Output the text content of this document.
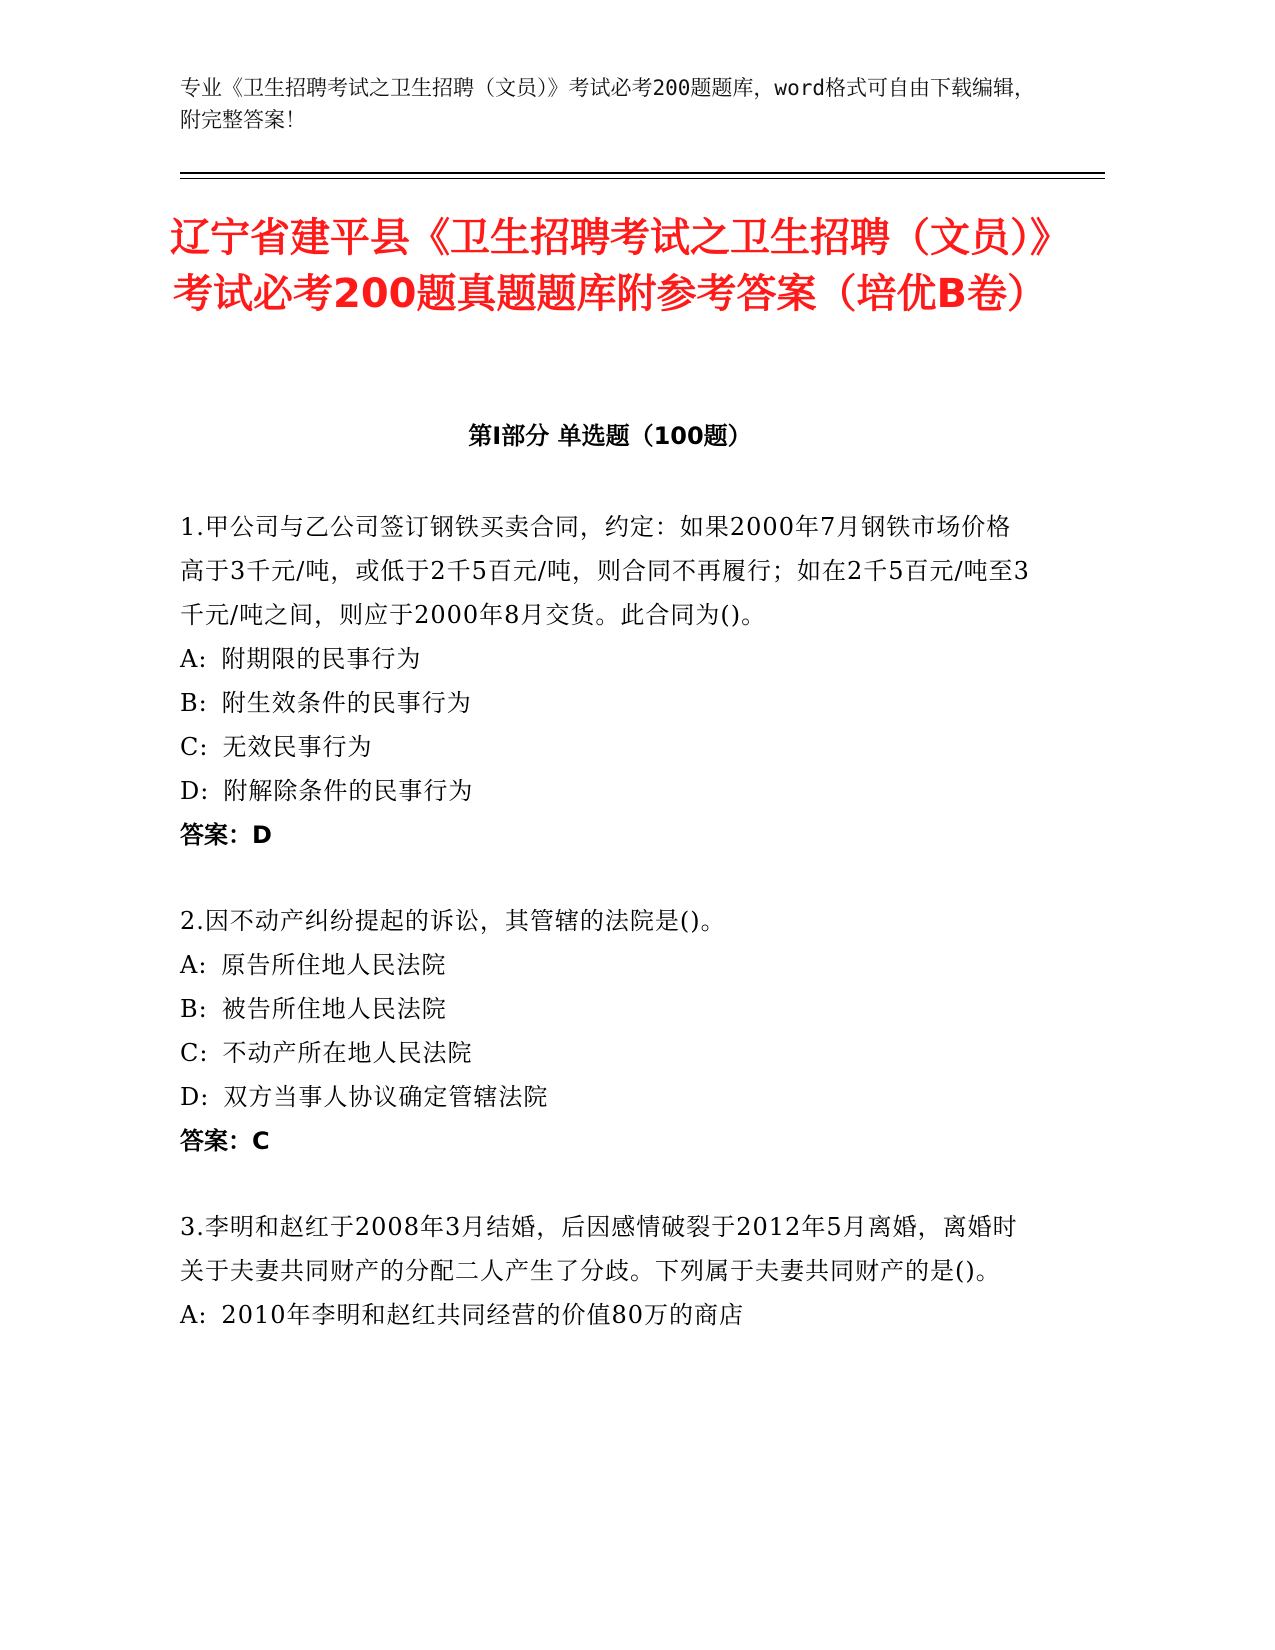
专业《卫生招聘考试之卫生招聘（文员）》考试必考200题题库，word格式可自由下载编辑，附完整答案！
辽宁省建平县《卫生招聘考试之卫生招聘（文员）》考试必考200题真题题库附参考答案（培优B卷）
第I部分 单选题（100题）
1.甲公司与乙公司签订钢铁买卖合同，约定：如果2000年7月钢铁市场价格高于3千元/吨，或低于2千5百元/吨，则合同不再履行；如在2千5百元/吨至3千元/吨之间，则应于2000年8月交货。此合同为()。
A: 附期限的民事行为
B: 附生效条件的民事行为
C: 无效民事行为
D: 附解除条件的民事行为
答案：D
2.因不动产纠纷提起的诉讼，其管辖的法院是()。
A: 原告所住地人民法院
B: 被告所住地人民法院
C: 不动产所在地人民法院
D: 双方当事人协议确定管辖法院
答案：C
3.李明和赵红于2008年3月结婚，后因感情破裂于2012年5月离婚，离婚时关于夫妻共同财产的分配二人产生了分歧。下列属于夫妻共同财产的是()。
A: 2010年李明和赵红共同经营的价值80万的商店
